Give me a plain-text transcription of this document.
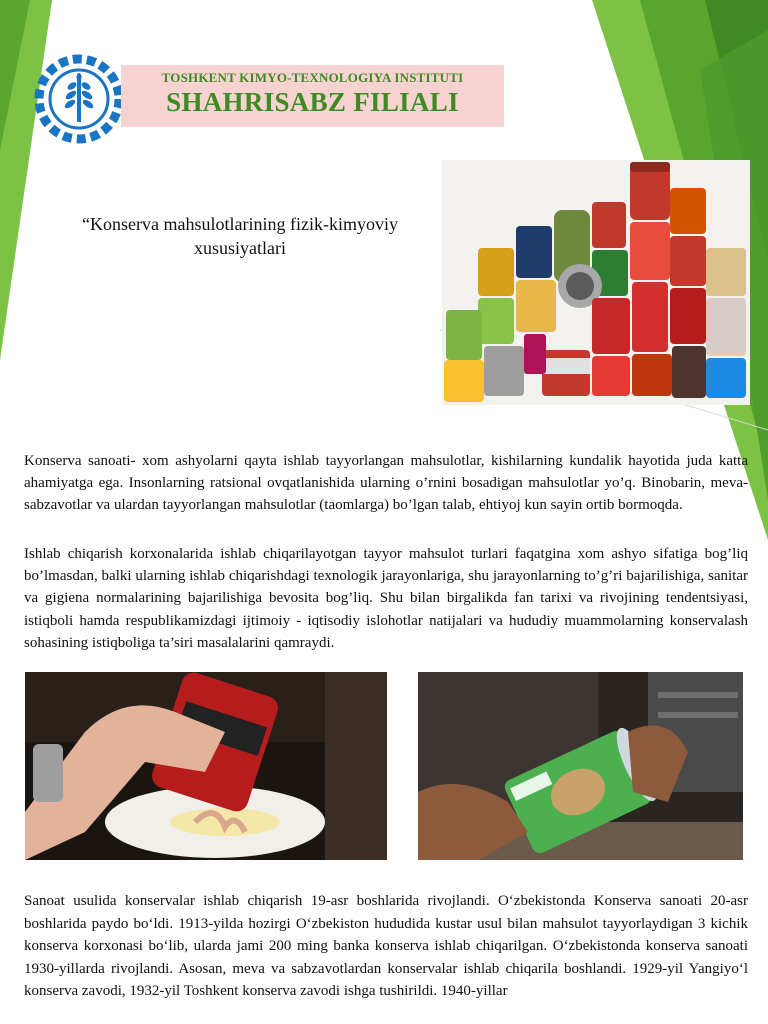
TOSHKENT KIMYO-TEXNOLOGIYA INSTITUTI
SHAHRISABZ FILIALI
“Konserva mahsulotlarining fizik-kimyoviy xususiyatlari

Konserva sanoati- xom ashyolarni qayta ishlab tayyorlangan mahsulotlar, kishilarning kundalik hayotida juda katta ahamiyatga ega. Insonlarning ratsional ovqatlanishida ularning o’rnini bosadigan mahsulotlar yo’q. Binobarin, meva- sabzavotlar va ulardan tayyorlangan mahsulotlar (taomlarga) bo’lgan talab, ehtiyoj kun sayin ortib bormoqda.

Ishlab chiqarish korxonalarida ishlab chiqarilayotgan tayyor mahsulot turlari faqatgina xom ashyo sifatiga bog’liq bo’lmasdan, balki ularning ishlab chiqarishdagi texnologik jarayonlariga, shu jarayonlarning to’g’ri bajarilishiga, sanitar va gigiena normalarining bajarilishiga bevosita bog’liq. Shu bilan birgalikda fan tarixi va rivojining tendentsiyasi, istiqboli hamda respublikamizdagi ijtimoiy - iqtisodiy islohotlar natijalari va hududiy muammolarning konservalash sohasining istiqboliga ta’siri masalalarini qamraydi.

Sanoat usulida konservalar ishlab chiqarish 19-asr boshlarida rivojlandi. O‘zbekistonda Konserva sanoati 20-asr boshlarida paydo bo‘ldi. 1913-yilda hozirgi O‘zbekiston hududida kustar usul bilan mahsulot tayyorlaydigan 3 kichik konserva korxonasi bo‘lib, ularda jami 200 ming banka konserva ishlab chiqarilgan. O‘zbekistonda konserva sanoati 1930-yillarda rivojlandi. Asosan, meva va sabzavotlardan konservalar ishlab chiqarila boshlandi. 1929-yil Yangiyo‘l konserva zavodi, 1932-yil Toshkent konserva zavodi ishga tushirildi. 1940-yillar
